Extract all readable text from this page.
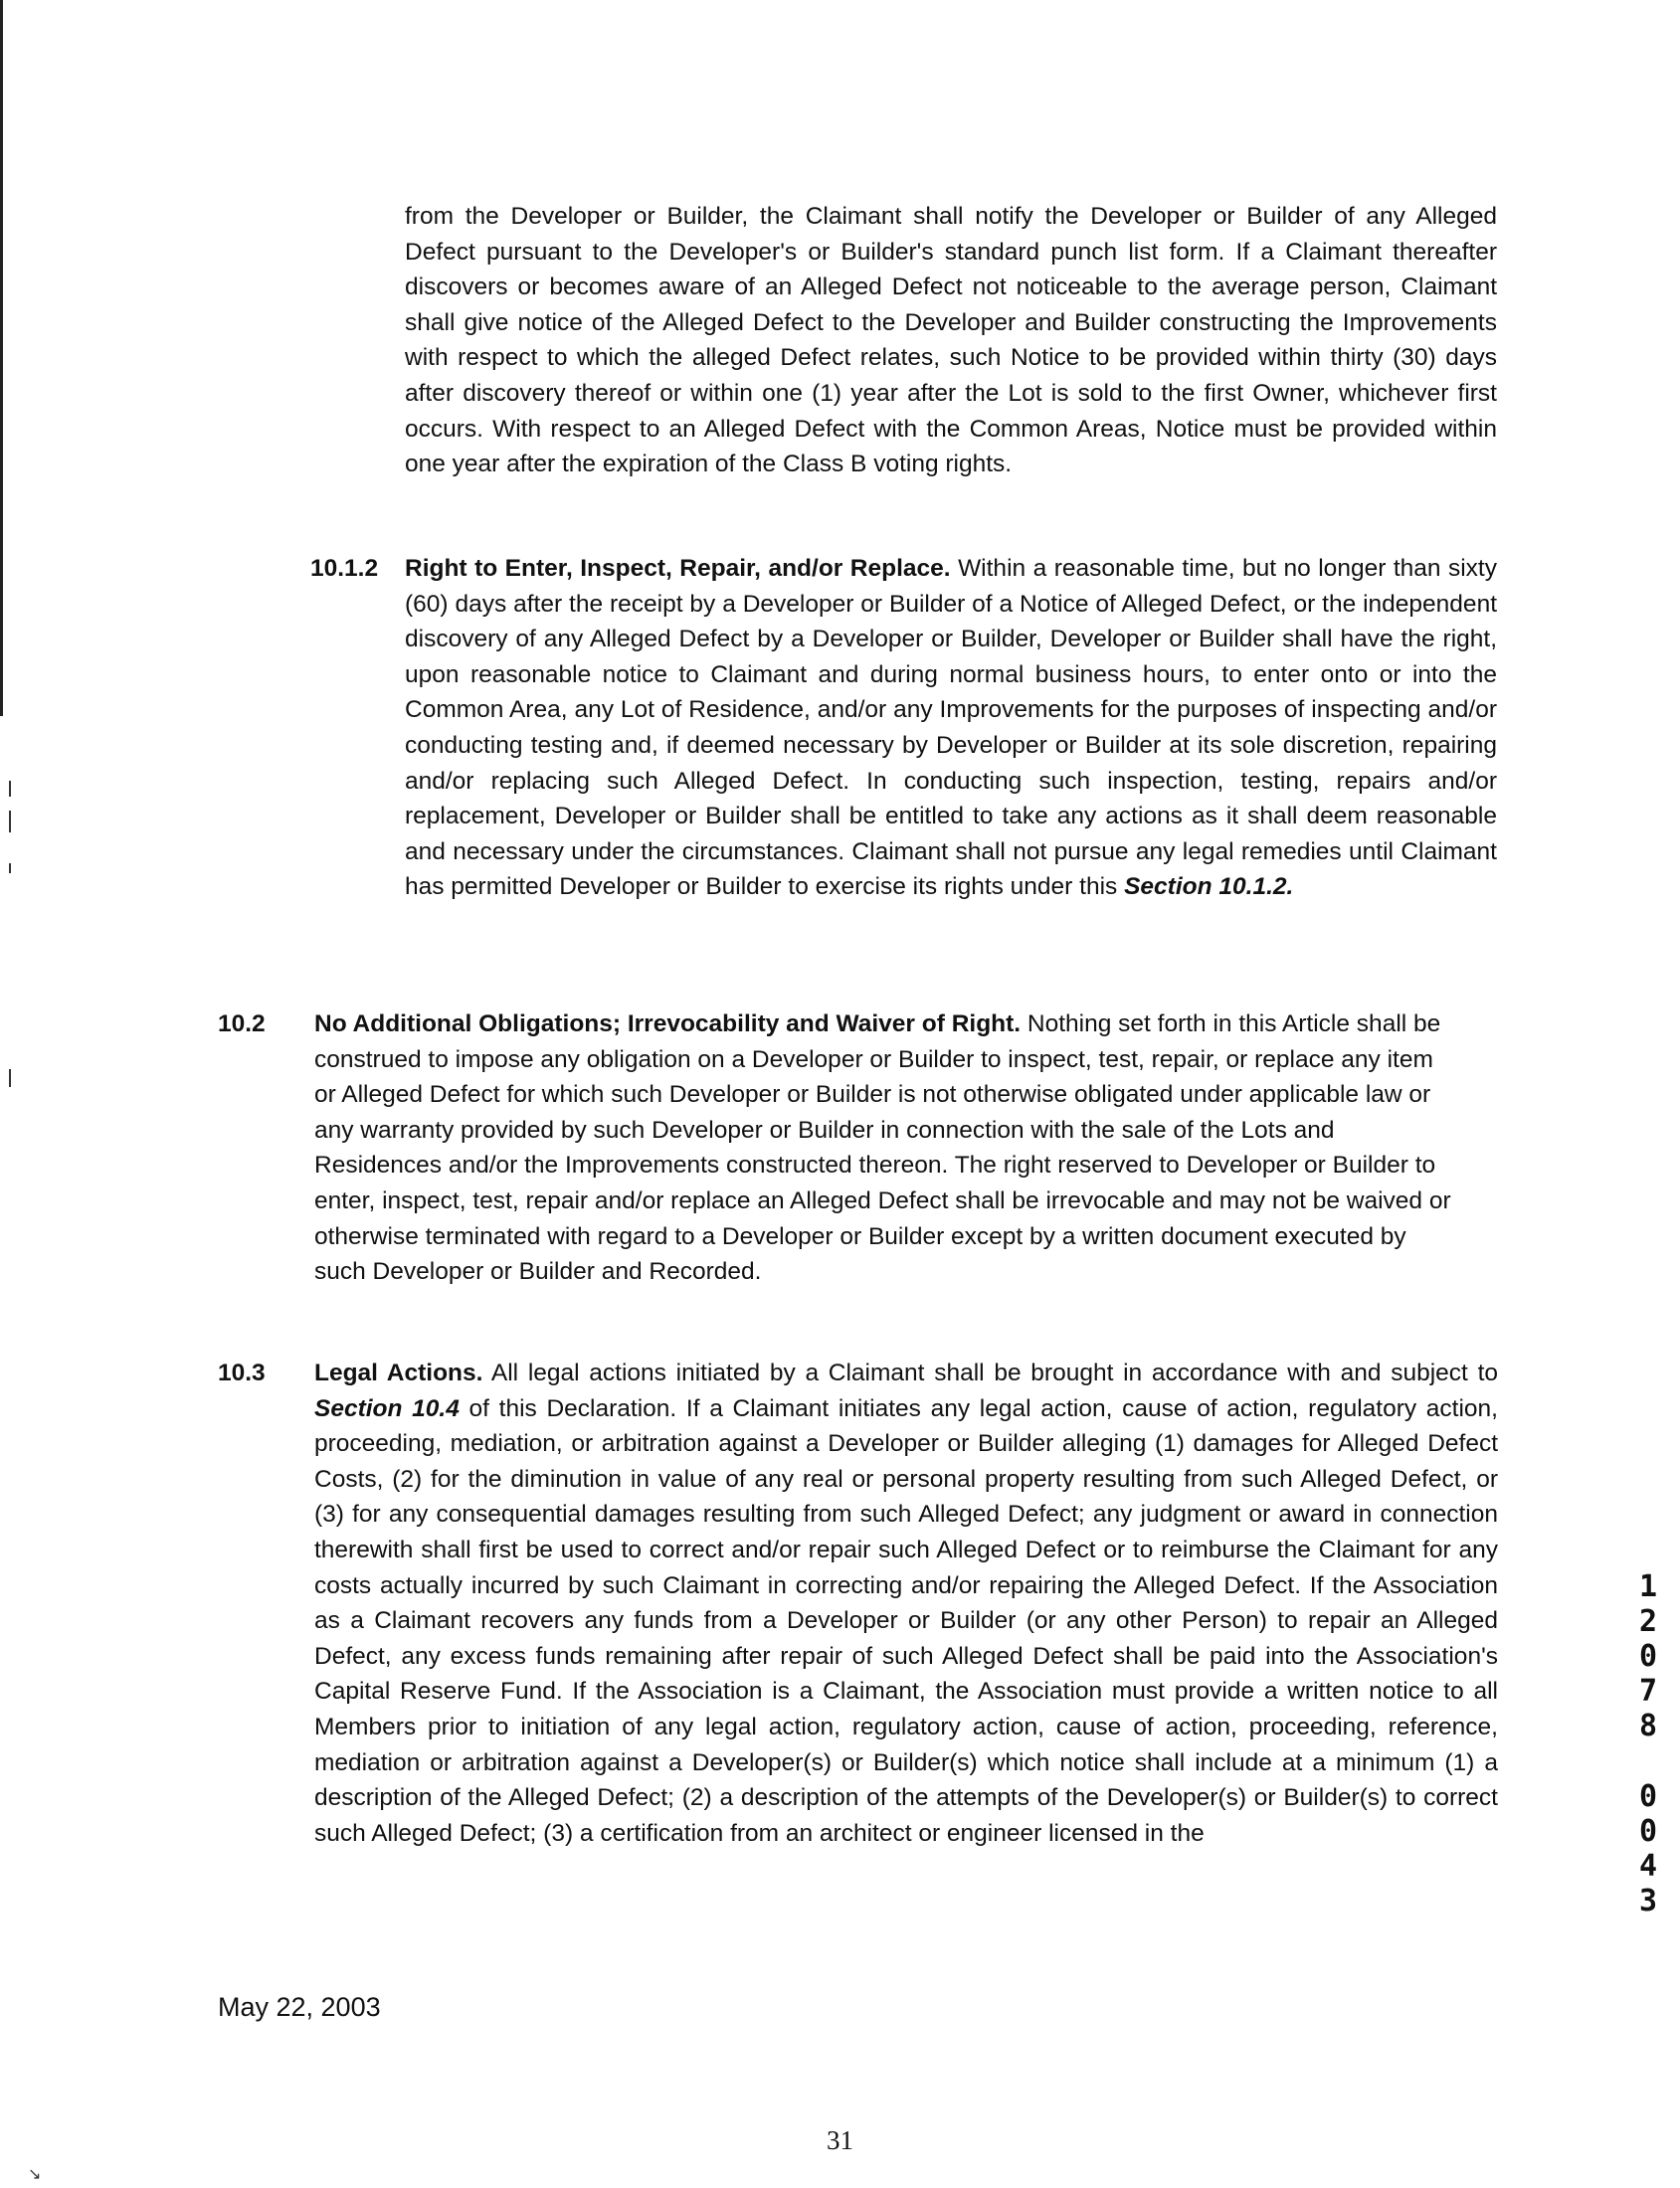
from the Developer or Builder, the Claimant shall notify the Developer or Builder of any Alleged Defect pursuant to the Developer's or Builder's standard punch list form. If a Claimant thereafter discovers or becomes aware of an Alleged Defect not noticeable to the average person, Claimant shall give notice of the Alleged Defect to the Developer and Builder constructing the Improvements with respect to which the alleged Defect relates, such Notice to be provided within thirty (30) days after discovery thereof or within one (1) year after the Lot is sold to the first Owner, whichever first occurs. With respect to an Alleged Defect with the Common Areas, Notice must be provided within one year after the expiration of the Class B voting rights.

10.1.2 Right to Enter, Inspect, Repair, and/or Replace. Within a reasonable time, but no longer than sixty (60) days after the receipt by a Developer or Builder of a Notice of Alleged Defect, or the independent discovery of any Alleged Defect by a Developer or Builder, Developer or Builder shall have the right, upon reasonable notice to Claimant and during normal business hours, to enter onto or into the Common Area, any Lot of Residence, and/or any Improvements for the purposes of inspecting and/or conducting testing and, if deemed necessary by Developer or Builder at its sole discretion, repairing and/or replacing such Alleged Defect. In conducting such inspection, testing, repairs and/or replacement, Developer or Builder shall be entitled to take any actions as it shall deem reasonable and necessary under the circumstances. Claimant shall not pursue any legal remedies until Claimant has permitted Developer or Builder to exercise its rights under this Section 10.1.2.

10.2 No Additional Obligations; Irrevocability and Waiver of Right. Nothing set forth in this Article shall be construed to impose any obligation on a Developer or Builder to inspect, test, repair, or replace any item or Alleged Defect for which such Developer or Builder is not otherwise obligated under applicable law or any warranty provided by such Developer or Builder in connection with the sale of the Lots and Residences and/or the Improvements constructed thereon. The right reserved to Developer or Builder to enter, inspect, test, repair and/or replace an Alleged Defect shall be irrevocable and may not be waived or otherwise terminated with regard to a Developer or Builder except by a written document executed by such Developer or Builder and Recorded.

10.3 Legal Actions. All legal actions initiated by a Claimant shall be brought in accordance with and subject to Section 10.4 of this Declaration. If a Claimant initiates any legal action, cause of action, regulatory action, proceeding, mediation, or arbitration against a Developer or Builder alleging (1) damages for Alleged Defect Costs, (2) for the diminution in value of any real or personal property resulting from such Alleged Defect, or (3) for any consequential damages resulting from such Alleged Defect; any judgment or award in connection therewith shall first be used to correct and/or repair such Alleged Defect or to reimburse the Claimant for any costs actually incurred by such Claimant in correcting and/or repairing the Alleged Defect. If the Association as a Claimant recovers any funds from a Developer or Builder (or any other Person) to repair an Alleged Defect, any excess funds remaining after repair of such Alleged Defect shall be paid into the Association's Capital Reserve Fund. If the Association is a Claimant, the Association must provide a written notice to all Members prior to initiation of any legal action, regulatory action, cause of action, proceeding, reference, mediation or arbitration against a Developer(s) or Builder(s) which notice shall include at a minimum (1) a description of the Alleged Defect; (2) a description of the attempts of the Developer(s) or Builder(s) to correct such Alleged Defect; (3) a certification from an architect or engineer licensed in the

May 22, 2003
31
1
2
0
7
8
0
0
4
3
↘
